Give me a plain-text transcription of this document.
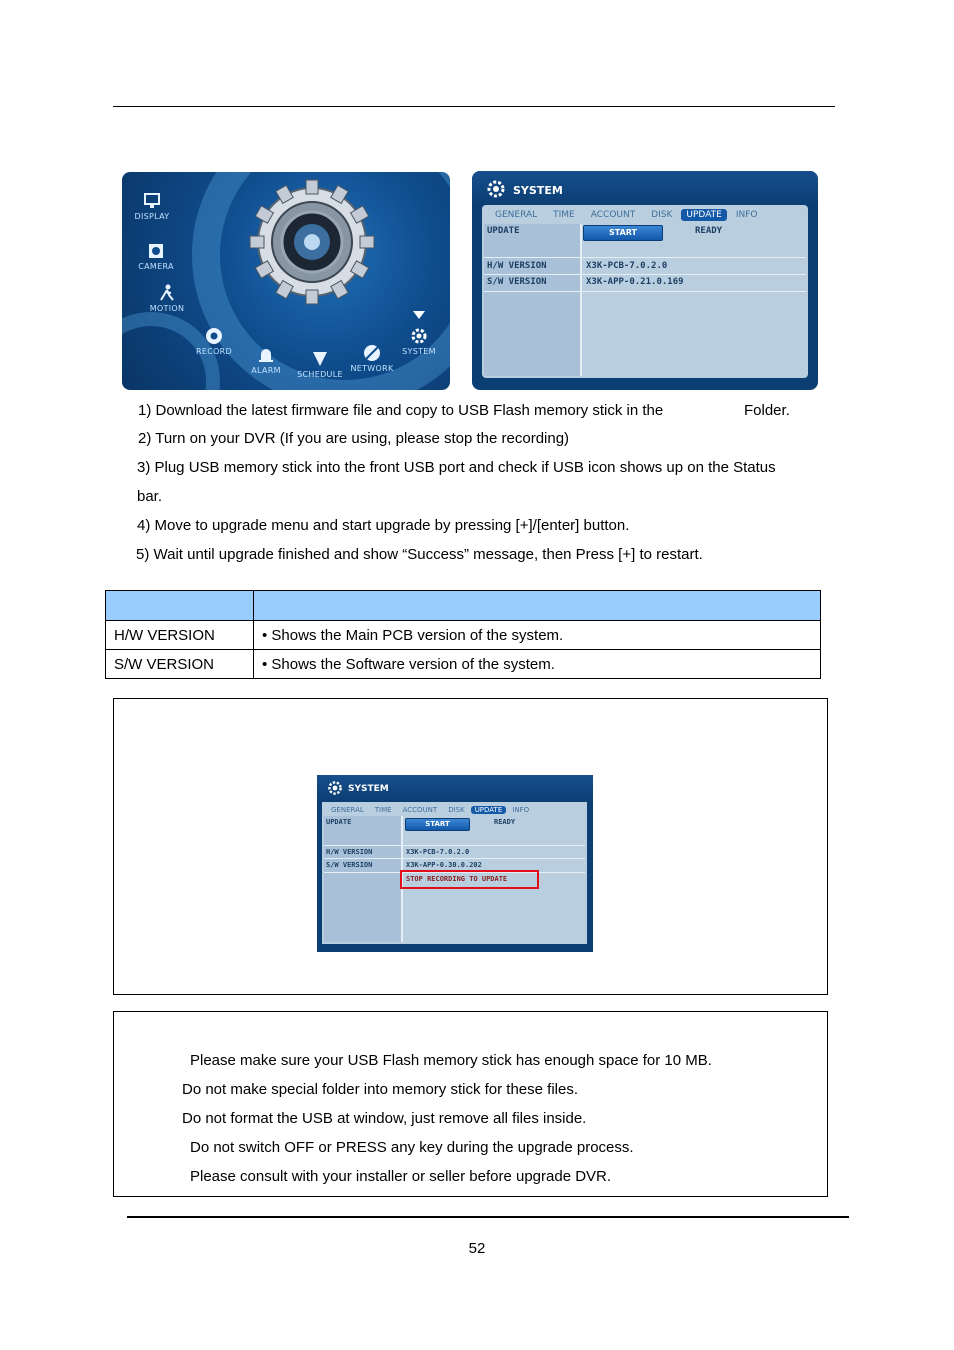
DISPLAY
CAMERA
MOTION
RECORD
ALARM	SCHEDULE
NETWORK
SYSTEM
SYSTEM
GENERAL	TIME	ACCOUNT	DISK	UPDATE	INFO
UPDATE	START	READY
H/W VERSION	X3K-PCB-7.0.2.0
S/W VERSION	X3K-APP-0.21.0.169
1) Download the latest firmware file and copy to USB Flash memory stick in the	Folder.
2) Turn on your DVR (If you are using, please stop the recording)
3) Plug USB memory stick into the front USB port and check if USB icon shows up on the Status
bar.
4) Move to upgrade menu and start upgrade by pressing [+]/[enter] button.
5) Wait until upgrade finished and show “Success” message, then Press [+] to restart.

H/W VERSION	• Shows the Main PCB version of the system.
S/W VERSION	• Shows the Software version of the system.
SYSTEM
GENERAL	TIME	ACCOUNT	DISK	UPDATE	INFO
UPDATE	START	READY
H/W VERSION	X3K-PCB-7.0.2.0
S/W VERSION	X3K-APP-0.30.0.202
STOP RECORDING TO UPDATE
Please make sure your USB Flash memory stick has enough space for 10 MB.
Do not make special folder into memory stick for these files.
Do not format the USB at window, just remove all files inside.
Do not switch OFF or PRESS any key during the upgrade process.
Please consult with your installer or seller before upgrade DVR.
52
